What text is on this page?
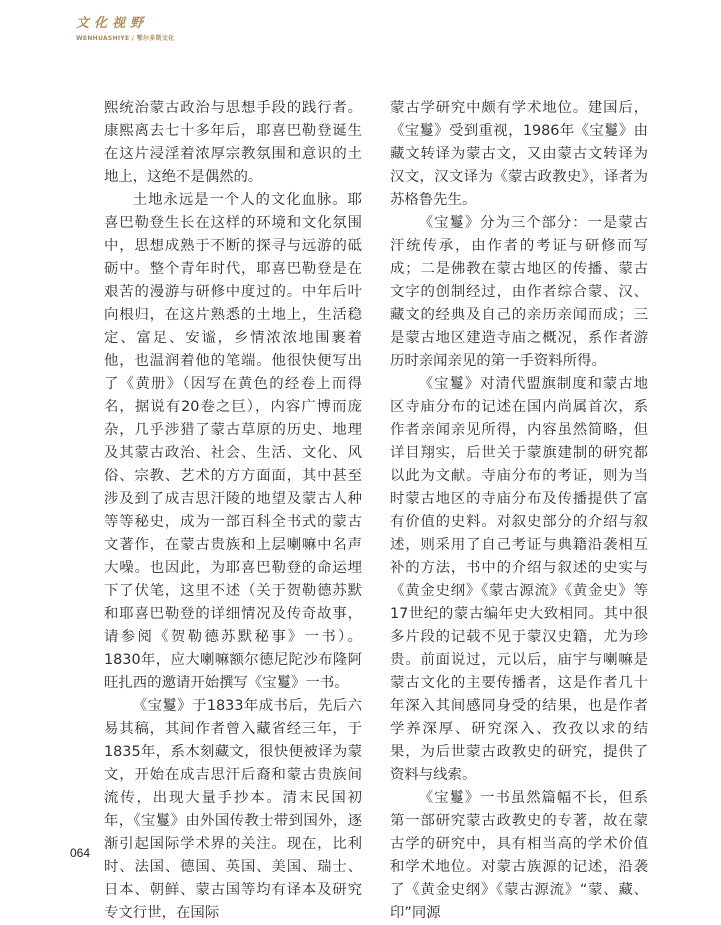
文化视野
WENHUASHIYE / 鄂尔多斯文化

熙统治蒙古政治与思想手段的践行者。康熙离去七十多年后，耶喜巴勒登诞生在这片浸淫着浓厚宗教氛围和意识的土地上，这绝不是偶然的。

土地永远是一个人的文化血脉。耶喜巴勒登生长在这样的环境和文化氛围中，思想成熟于不断的探寻与远游的砥砺中。整个青年时代，耶喜巴勒登是在艰苦的漫游与研修中度过的。中年后叶向根归，在这片熟悉的土地上，生活稳定、富足、安谧，乡情浓浓地围裹着他，也温润着他的笔端。他很快便写出了《黄册》（因写在黄色的经卷上而得名，据说有20卷之巨），内容广博而庞杂，几乎涉猎了蒙古草原的历史、地理及其蒙古政治、社会、生活、文化、风俗、宗教、艺术的方方面面，其中甚至涉及到了成吉思汗陵的地望及蒙古人种等等秘史，成为一部百科全书式的蒙古文著作，在蒙古贵族和上层喇嘛中名声大噪。也因此，为耶喜巴勒登的命运埋下了伏笔，这里不述（关于贺勒德苏默和耶喜巴勒登的详细情况及传奇故事，请参阅《贺勒德苏默秘事》一书）。1830年，应大喇嘛额尔德尼陀沙布隆阿旺扎西的邀请开始撰写《宝鬘》一书。

《宝鬘》于1833年成书后，先后六易其稿，其间作者曾入藏省经三年，于1835年，系木刻藏文，很快便被译为蒙文，开始在成吉思汗后裔和蒙古贵族间流传，出现大量手抄本。清末民国初年，《宝鬘》由外国传教士带到国外，逐渐引起国际学术界的关注。现在，比利时、法国、德国、英国、美国、瑞士、日本、朝鲜、蒙古国等均有译本及研究专文行世，在国际

蒙古学研究中颇有学术地位。建国后，《宝鬘》受到重视，1986年《宝鬘》由藏文转译为蒙古文，又由蒙古文转译为汉文，汉文译为《蒙古政教史》，译者为苏格鲁先生。

《宝鬘》分为三个部分：一是蒙古汗统传承，由作者的考证与研修而写成；二是佛教在蒙古地区的传播、蒙古文字的创制经过，由作者综合蒙、汉、藏文的经典及自己的亲历亲闻而成；三是蒙古地区建造寺庙之概况，系作者游历时亲闻亲见的第一手资料所得。

《宝鬘》对清代盟旗制度和蒙古地区寺庙分布的记述在国内尚属首次，系作者亲闻亲见所得，内容虽然简略，但详目翔实，后世关于蒙旗建制的研究都以此为文献。寺庙分布的考证，则为当时蒙古地区的寺庙分布及传播提供了富有价值的史料。对叙史部分的介绍与叙述，则采用了自己考证与典籍沿袭相互补的方法，书中的介绍与叙述的史实与《黄金史纲》《蒙古源流》《黄金史》等17世纪的蒙古编年史大致相同。其中很多片段的记载不见于蒙汉史籍，尤为珍贵。前面说过，元以后，庙宇与喇嘛是蒙古文化的主要传播者，这是作者几十年深入其间感同身受的结果，也是作者学养深厚、研究深入、孜孜以求的结果，为后世蒙古政教史的研究，提供了资料与线索。

《宝鬘》一书虽然篇幅不长，但系第一部研究蒙古政教史的专著，故在蒙古学的研究中，具有相当高的学术价值和学术地位。对蒙古族源的记述，沿袭了《黄金史纲》《蒙古源流》“蒙、藏、印”同源

064
